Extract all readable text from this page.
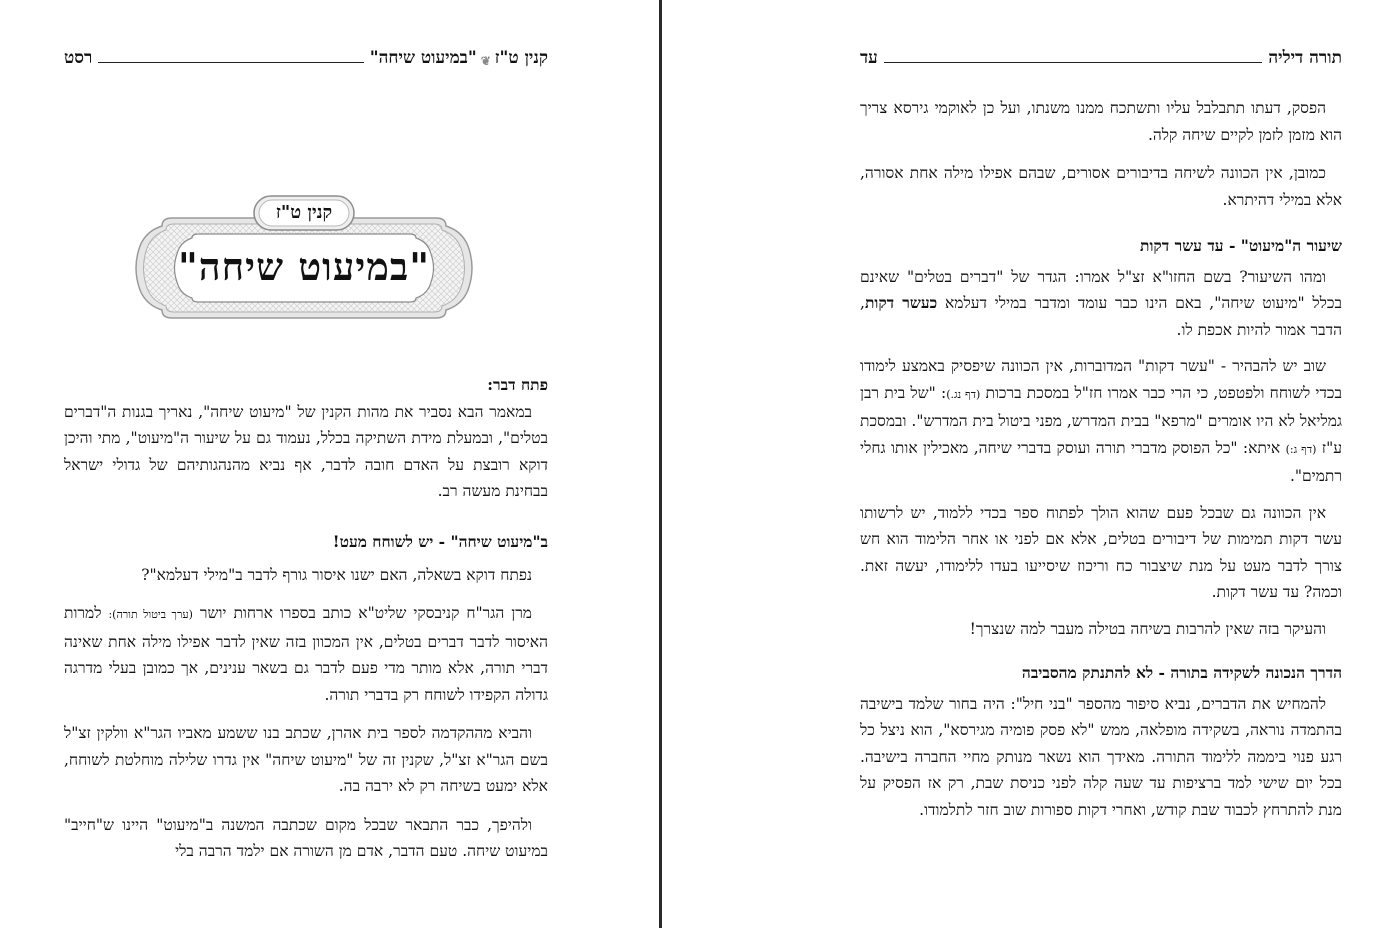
קנין ט"ז
❦
"במיעוט שיחה"
רסט
קנין ט"ז
"במיעוט שיחה"

פתח דבר:

במאמר הבא נסביר את מהות הקנין של "מיעוט שיחה", נאריך בגנות ה"דברים בטלים", ובמעלת מידת השתיקה בכלל, נעמוד גם על שיעור ה"מיעוט", מתי והיכן דוקא רובצת על האדם חובה לדבר, אף נביא מהנהגותיהם של גדולי ישראל בבחינת מעשה רב.

ב"מיעוט שיחה" - יש לשוחח מעט!

נפתח דוקא בשאלה, האם ישנו איסור גורף לדבר ב"מילי דעלמא"?

מרן הגר"ח קניבסקי שליט"א כותב בספרו ארחות יושר (ערך ביטול תורה): למרות האיסור לדבר דברים בטלים, אין המכוון בזה שאין לדבר אפילו מילה אחת שאינה דברי תורה, אלא מותר מדי פעם לדבר גם בשאר ענינים, אך כמובן בעלי מדרגה גדולה הקפידו לשוחח רק בדברי תורה.

והביא מההקדמה לספר בית אהרן, שכתב בנו ששמע מאביו הגר"א וולקין זצ"ל בשם הגר"א זצ"ל, שקנין זה של "מיעוט שיחה" אין גדרו שלילה מוחלטת לשוחח, אלא ימעט בשיחה רק לא ירבה בה.

ולהיפך, כבר התבאר שבכל מקום שכתבה המשנה ב"מיעוט" היינו ש"חייב" במיעוט שיחה. טעם הדבר, אדם מן השורה אם ילמד הרבה בלי

תורה דיליה
עד

הפסק, דעתו תתבלבל עליו ותשתכח ממנו משנתו, ועל כן לאוקמי גירסא צריך הוא מזמן לזמן לקיים שיחה קלה.

כמובן, אין הכוונה לשיחה בדיבורים אסורים, שבהם אפילו מילה אחת אסורה, אלא במילי דהיתרא.

שיעור ה"מיעוט" - עד עשר דקות

ומהו השיעור? בשם החזו"א זצ"ל אמרו: הגדר של "דברים בטלים" שאינם בכלל "מיעוט שיחה", באם הינו כבר עומד ומדבר במילי דעלמא כעשר דקות, הדבר אמור להיות אכפת לו.

שוב יש להבהיר - "עשר דקות" המדוברות, אין הכוונה שיפסיק באמצע לימודו בכדי לשוחח ולפטפט, כי הרי כבר אמרו חז"ל במסכת ברכות (דף נג.): "של בית רבן גמליאל לא היו אומרים "מרפא" בבית המדרש, מפני ביטול בית המדרש". ובמסכת ע"ז (דף ג:) איתא: "כל הפוסק מדברי תורה ועוסק בדברי שיחה, מאכילין אותו גחלי רתמים".

אין הכוונה גם שבכל פעם שהוא הולך לפתוח ספר בכדי ללמוד, יש לרשותו עשר דקות תמימות של דיבורים בטלים, אלא אם לפני או אחר הלימוד הוא חש צורך לדבר מעט על מנת שיצבור כח וריכוז שיסייעו בעדו ללימודו, יעשה זאת. וכמה? עד עשר דקות.

והעיקר בזה שאין להרבות בשיחה בטילה מעבר למה שנצרך!

הדרך הנכונה לשקידה בתורה - לא להתנתק מהסביבה

להמחיש את הדברים, נביא סיפור מהספר "בני חיל": היה בחור שלמד בישיבה בהתמדה נוראה, בשקידה מופלאה, ממש "לא פסק פומיה מגירסא", הוא ניצל כל רגע פנוי ביממה ללימוד התורה. מאידך הוא נשאר מנותק מחיי החברה בישיבה. בכל יום שישי למד ברציפות עד שעה קלה לפני כניסת שבת, רק אז הפסיק על מנת להתרחץ לכבוד שבת קודש, ואחרי דקות ספורות שוב חזר לתלמודו.
